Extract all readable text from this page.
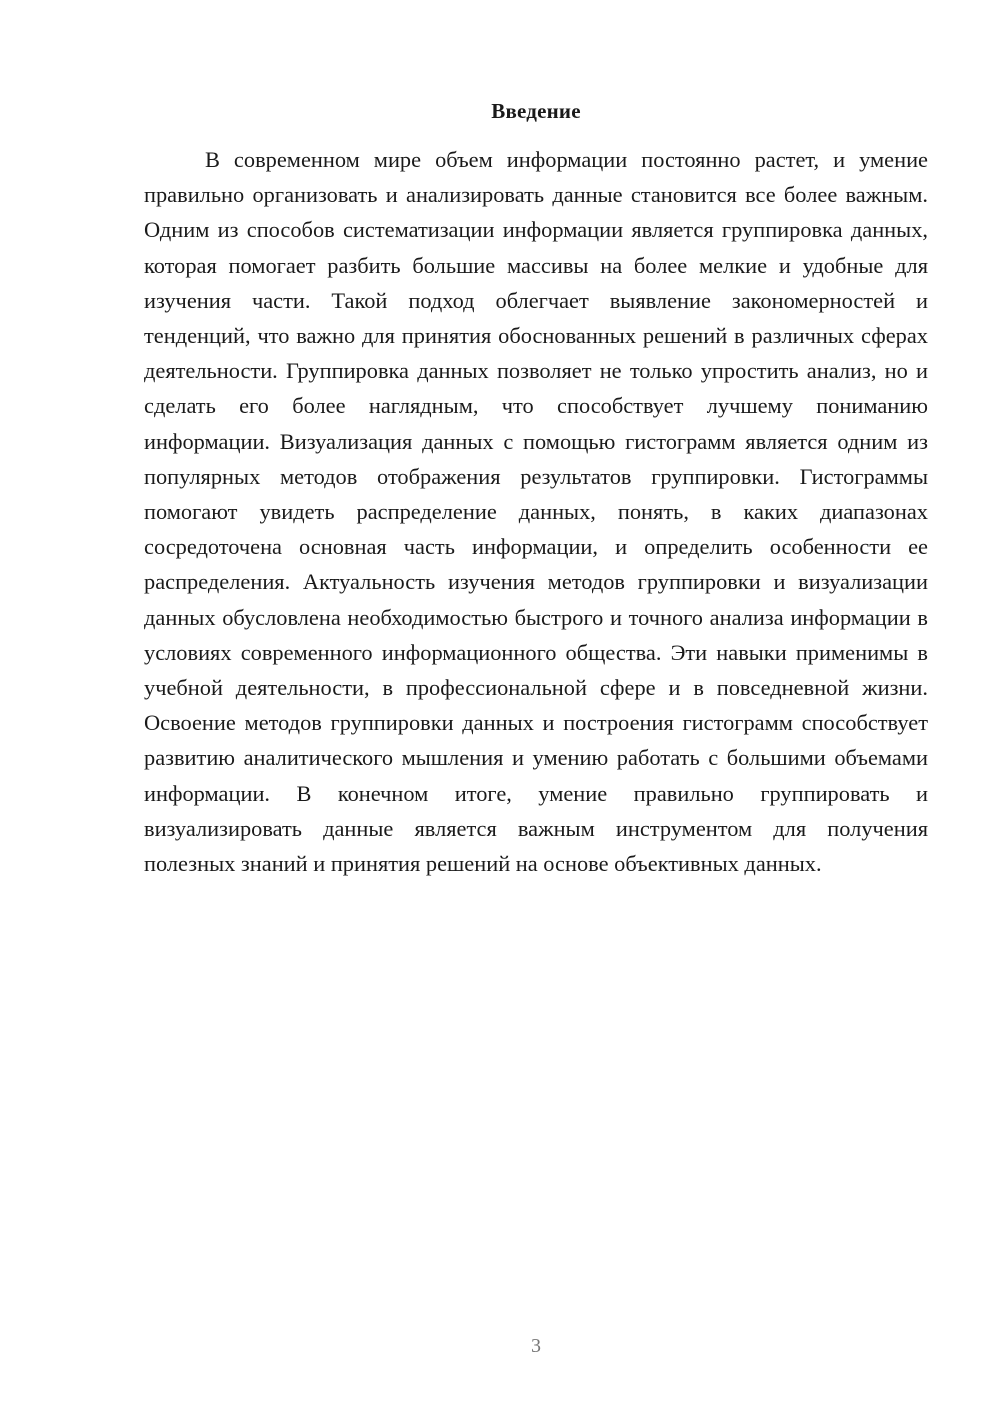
Введение

В современном мире объем информации постоянно растет, и умение правильно организовать и анализировать данные становится все более важным. Одним из способов систематизации информации является группировка данных, которая помогает разбить большие массивы на более мелкие и удобные для изучения части. Такой подход облегчает выявление закономерностей и тенденций, что важно для принятия обоснованных решений в различных сферах деятельности. Группировка данных позволяет не только упростить анализ, но и сделать его более наглядным, что способствует лучшему пониманию информации. Визуализация данных с помощью гистограмм является одним из популярных методов отображения результатов группировки. Гистограммы помогают увидеть распределение данных, понять, в каких диапазонах сосредоточена основная часть информации, и определить особенности ее распределения. Актуальность изучения методов группировки и визуализации данных обусловлена необходимостью быстрого и точного анализа информации в условиях современного информационного общества. Эти навыки применимы в учебной деятельности, в профессиональной сфере и в повседневной жизни. Освоение методов группировки данных и построения гистограмм способствует развитию аналитического мышления и умению работать с большими объемами информации. В конечном итоге, умение правильно группировать и визуализировать данные является важным инструментом для получения полезных знаний и принятия решений на основе объективных данных.

3
